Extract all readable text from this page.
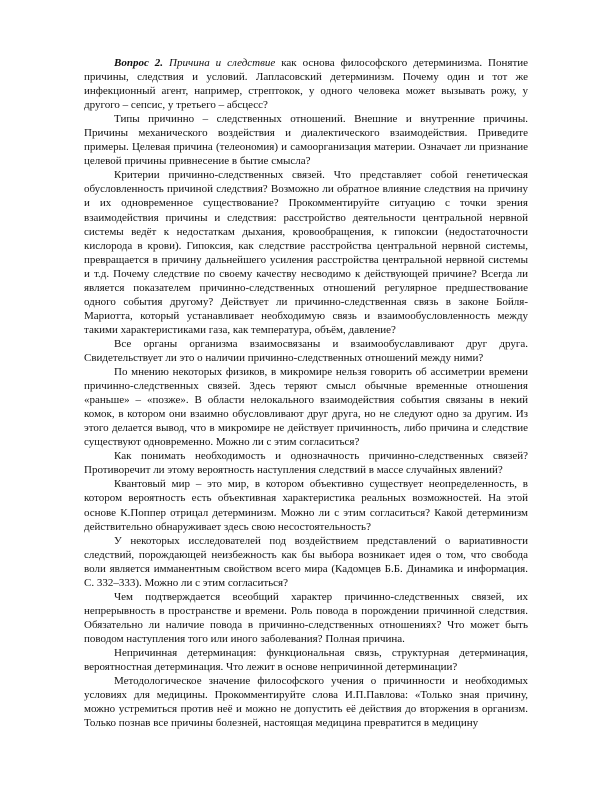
Вопрос 2. Причина и следствие как основа философского детерминизма. Понятие причины, следствия и условий. Лапласовский детерминизм. Почему один и тот же инфекционный агент, например, стрептокок, у одного человека может вызывать рожу, у другого – сепсис, у третьего – абсцесс?

Типы причинно – следственных отношений. Внешние и внутренние причины. Причины механического воздействия и диалектического взаимодействия. Приведите примеры. Целевая причина (телеономия) и самоорганизация материи. Означает ли признание целевой причины привнесение в бытие смысла?

Критерии причинно-следственных связей. Что представляет собой генетическая обусловленность причиной следствия? Возможно ли обратное влияние следствия на причину и их одновременное существование? Прокомментируйте ситуацию с точки зрения взаимодействия причины и следствия: расстройство деятельности центральной нервной системы ведёт к недостаткам дыхания, кровообращения, к гипоксии (недостаточности кислорода в крови). Гипоксия, как следствие расстройства центральной нервной системы, превращается в причину дальнейшего усиления расстройства центральной нервной системы и т.д. Почему следствие по своему качеству несводимо к действующей причине? Всегда ли является показателем причинно-следственных отношений регулярное предшествование одного события другому? Действует ли причинно-следственная связь в законе Бойля-Мариотта, который устанавливает необходимую связь и взаимообусловленность между такими характеристиками газа, как температура, объём, давление?

Все органы организма взаимосвязаны и взаимообуславливают друг друга. Свидетельствует ли это о наличии причинно-следственных отношений между ними?

По мнению некоторых физиков, в микромире нельзя говорить об ассиметрии времени причинно-следственных связей. Здесь теряют смысл обычные временные отношения «раньше» – «позже». В области нелокального взаимодействия события связаны в некий комок, в котором они взаимно обусловливают друг друга, но не следуют одно за другим. Из этого делается вывод, что в микромире не действует причинность, либо причина и следствие существуют одновременно. Можно ли с этим согласиться?

Как понимать необходимость и однозначность причинно-следственных связей? Противоречит ли этому вероятность наступления следствий в массе случайных явлений?

Квантовый мир – это мир, в котором объективно существует неопределенность, в котором вероятность есть объективная характеристика реальных возможностей. На этой основе К.Поппер отрицал детерминизм. Можно ли с этим согласиться? Какой детерминизм действительно обнаруживает здесь свою несостоятельность?

У некоторых исследователей под воздействием представлений о вариативности следствий, порождающей неизбежность как бы выбора возникает идея о том, что свобода воли является имманентным свойством всего мира (Кадомцев Б.Б. Динамика и информация. С. 332–333). Можно ли с этим согласиться?

Чем подтверждается всеобщий характер причинно-следственных связей, их непрерывность в пространстве и времени. Роль повода в порождении причинной следствия. Обязательно ли наличие повода в причинно-следственных отношениях? Что может быть поводом наступления того или иного заболевания? Полная причина.

Непричинная детерминация: функциональная связь, структурная детерминация, вероятностная детерминация. Что лежит в основе непричинной детерминации?

Методологическое значение философского учения о причинности и необходимых условиях для медицины. Прокомментируйте слова И.П.Павлова: «Только зная причину, можно устремиться против неё и можно не допустить её действия до вторжения в организм. Только познав все причины болезней, настоящая медицина превратится в медицину
